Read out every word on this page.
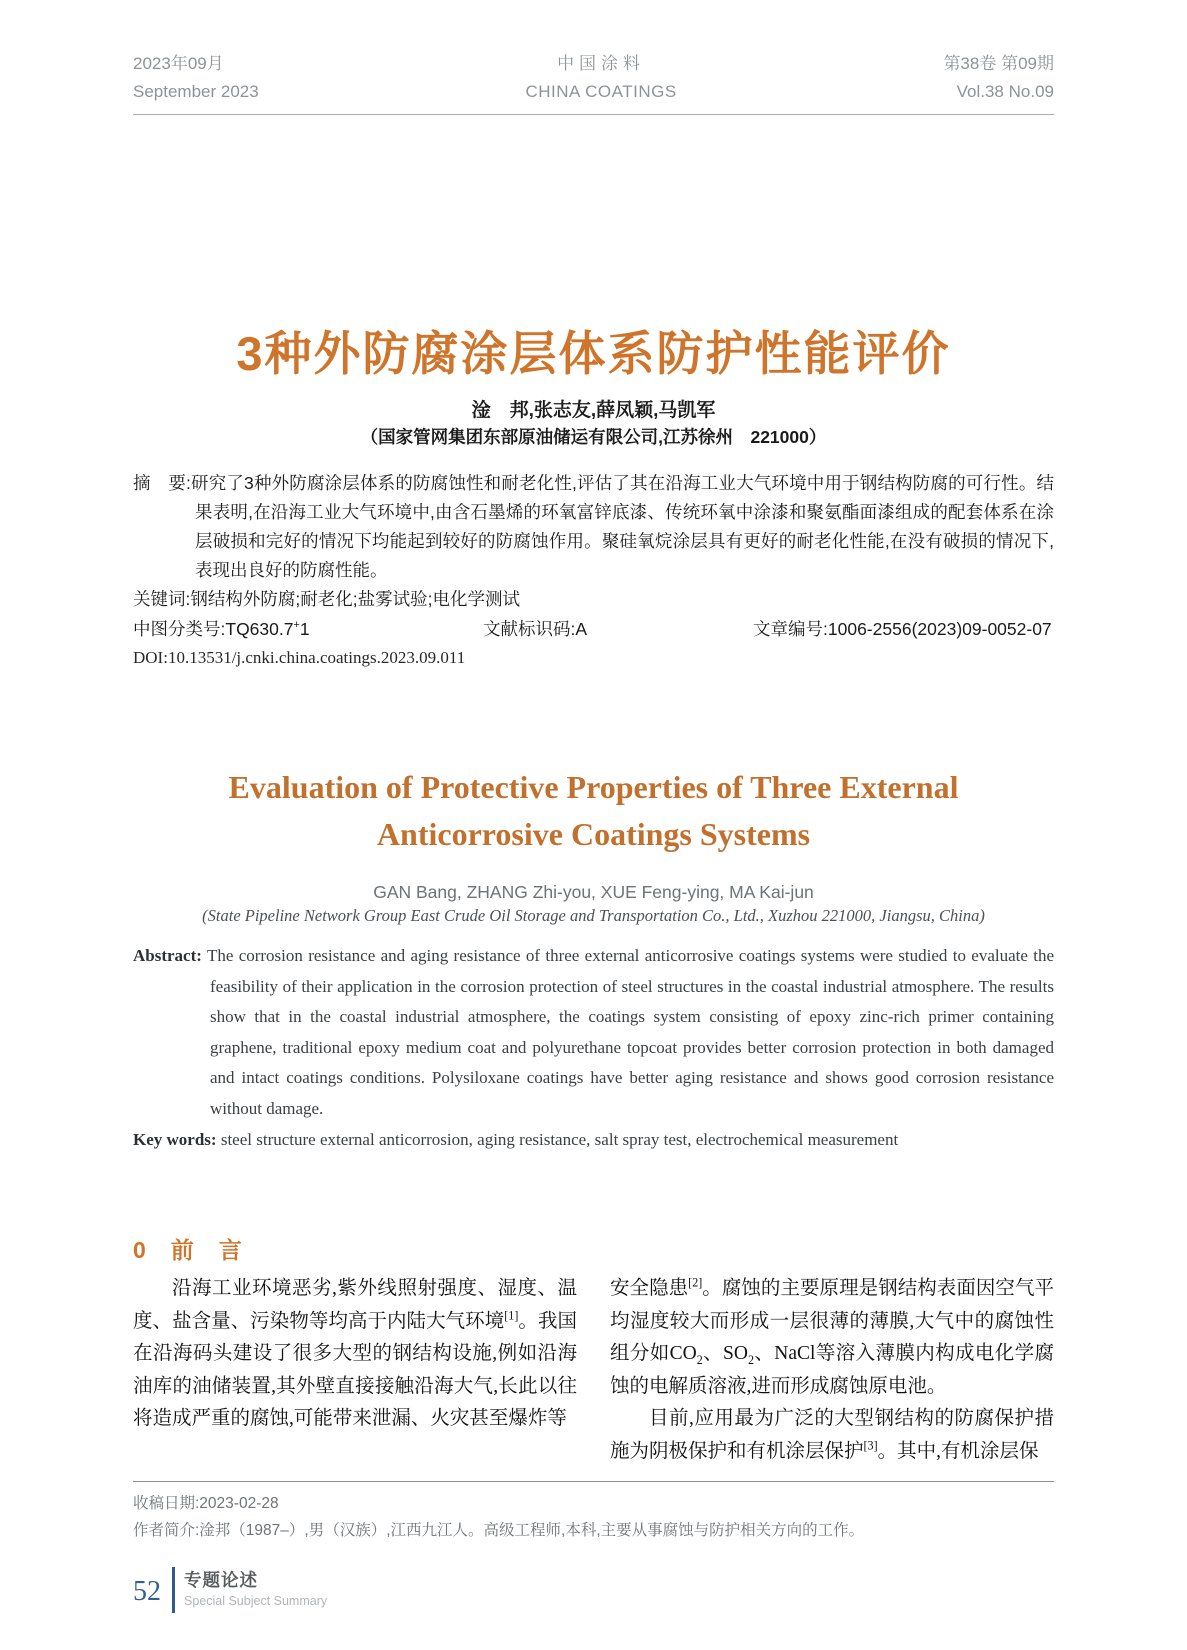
2023年09月
September 2023
中国涂料
CHINA COATINGS
第38卷 第09期
Vol.38 No.09
3种外防腐涂层体系防护性能评价
淦　邦,张志友,薛凤颖,马凯军
（国家管网集团东部原油储运有限公司,江苏徐州　221000）
摘　要:研究了3种外防腐涂层体系的防腐蚀性和耐老化性,评估了其在沿海工业大气环境中用于钢结构防腐的可行性。结果表明,在沿海工业大气环境中,由含石墨烯的环氧富锌底漆、传统环氧中涂漆和聚氨酯面漆组成的配套体系在涂层破损和完好的情况下均能起到较好的防腐蚀作用。聚硅氧烷涂层具有更好的耐老化性能,在没有破损的情况下,表现出良好的防腐性能。
关键词:钢结构外防腐;耐老化;盐雾试验;电化学测试
中图分类号:TQ630.7+1	文献标识码:A	文章编号:1006-2556(2023)09-0052-07
DOI:10.13531/j.cnki.china.coatings.2023.09.011
Evaluation of Protective Properties of Three External
Anticorrosive Coatings Systems
GAN Bang, ZHANG Zhi-you, XUE Feng-ying, MA Kai-jun
(State Pipeline Network Group East Crude Oil Storage and Transportation Co., Ltd., Xuzhou 221000, Jiangsu, China)
Abstract: The corrosion resistance and aging resistance of three external anticorrosive coatings systems were studied to evaluate the feasibility of their application in the corrosion protection of steel structures in the coastal industrial atmosphere. The results show that in the coastal industrial atmosphere, the coatings system consisting of epoxy zinc-rich primer containing graphene, traditional epoxy medium coat and polyurethane topcoat provides better corrosion protection in both damaged and intact coatings conditions. Polysiloxane coatings have better aging resistance and shows good corrosion resistance without damage.
Key words: steel structure external anticorrosion, aging resistance, salt spray test, electrochemical measurement
0　前　言

沿海工业环境恶劣,紫外线照射强度、湿度、温度、盐含量、污染物等均高于内陆大气环境[1]。我国在沿海码头建设了很多大型的钢结构设施,例如沿海油库的油储装置,其外壁直接接触沿海大气,长此以往将造成严重的腐蚀,可能带来泄漏、火灾甚至爆炸等

安全隐患[2]。腐蚀的主要原理是钢结构表面因空气平均湿度较大而形成一层很薄的薄膜,大气中的腐蚀性组分如$CO_2$、$SO_2$、NaCl等溶入薄膜内构成电化学腐蚀的电解质溶液,进而形成腐蚀原电池。

目前,应用最为广泛的大型钢结构的防腐保护措施为阴极保护和有机涂层保护[3]。其中,有机涂层保

收稿日期:2023-02-28
作者简介:淦邦（1987–）,男（汉族）,江西九江人。高级工程师,本科,主要从事腐蚀与防护相关方向的工作。
52 专题论述
Special Subject Summary
